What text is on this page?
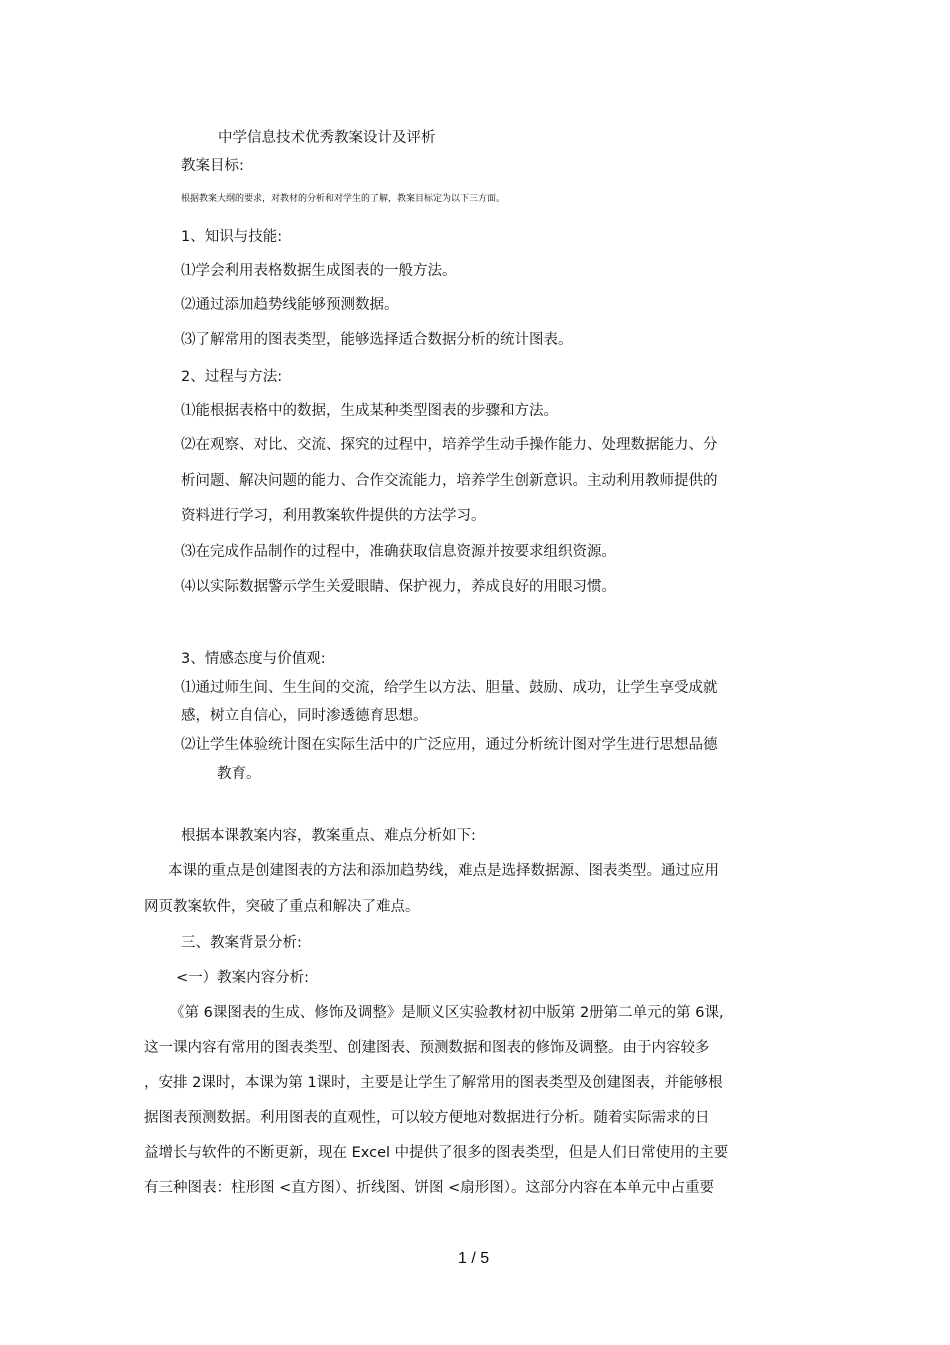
中学信息技术优秀教案设计及评析
教案目标:
根据教案大纲的要求，对教材的分析和对学生的了解，教案目标定为以下三方面。
1、知识与技能:
⑴学会利用表格数据生成图表的一般方法。
⑵通过添加趋势线能够预测数据。
⑶了解常用的图表类型，能够选择适合数据分析的统计图表。
2、过程与方法:
⑴能根据表格中的数据，生成某种类型图表的步骤和方法。
⑵在观察、对比、交流、探究的过程中，培养学生动手操作能力、处理数据能力、分
析问题、解决问题的能力、合作交流能力，培养学生创新意识。主动利用教师提供的
资料进行学习，利用教案软件提供的方法学习。
⑶在完成作品制作的过程中，准确获取信息资源并按要求组织资源。
⑷以实际数据警示学生关爱眼睛、保护视力，养成良好的用眼习惯。
3、情感态度与价值观:
⑴通过师生间、生生间的交流，给学生以方法、胆量、鼓励、成功，让学生享受成就
感，树立自信心，同时渗透德育思想。
⑵让学生体验统计图在实际生活中的广泛应用，通过分析统计图对学生进行思想品德
教育。
根据本课教案内容，教案重点、难点分析如下:
本课的重点是创建图表的方法和添加趋势线，难点是选择数据源、图表类型。通过应用
网页教案软件，突破了重点和解决了难点。
三、教案背景分析:
<一）教案内容分析:
《第 6课图表的生成、修饰及调整》是顺义区实验教材初中版第 2册第二单元的第 6课,
这一课内容有常用的图表类型、创建图表、预测数据和图表的修饰及调整。由于内容较多
，安排 2课时，本课为第 1课时，主要是让学生了解常用的图表类型及创建图表，并能够根
据图表预测数据。利用图表的直观性，可以较方便地对数据进行分析。随着实际需求的日
益增长与软件的不断更新，现在 Excel 中提供了很多的图表类型，但是人们日常使用的主要
有三种图表：柱形图 <直方图）、折线图、饼图 <扇形图）。这部分内容在本单元中占重要
1 / 5
